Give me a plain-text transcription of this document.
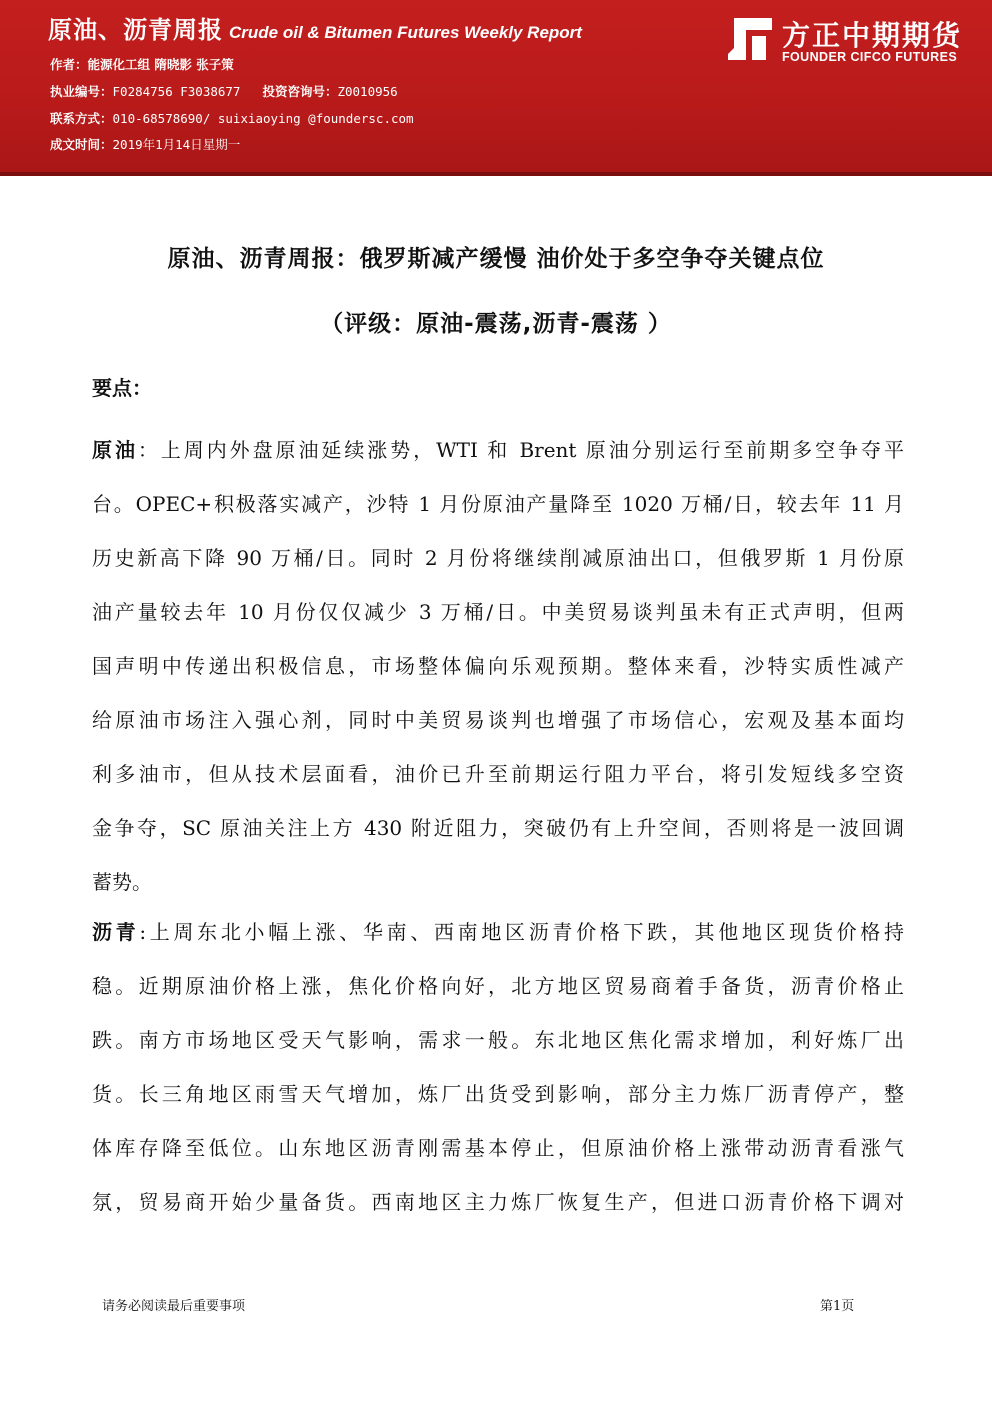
原油、沥青周报 Crude oil & Bitumen Futures Weekly Report
作者：能源化工组 隋晓影 张子策
执业编号：F0284756 F3038677 投资咨询号：Z0010956
联系方式：010-68578690/ suixiaoying @foundersc.com
成文时间：2019年1月14日星期一
方正中期期货
FOUNDER CIFCO FUTURES
原油、沥青周报：俄罗斯减产缓慢 油价处于多空争夺关键点位
（评级：原油-震荡,沥青-震荡 ）
要点：
原油：上周内外盘原油延续涨势，WTI 和 Brent 原油分别运行至前期多空争夺平
台。OPEC+积极落实减产，沙特 1 月份原油产量降至 1020 万桶/日，较去年 11 月
历史新高下降 90 万桶/日。同时 2 月份将继续削减原油出口，但俄罗斯 1 月份原
油产量较去年 10 月份仅仅减少 3 万桶/日。中美贸易谈判虽未有正式声明，但两
国声明中传递出积极信息，市场整体偏向乐观预期。整体来看，沙特实质性减产
给原油市场注入强心剂，同时中美贸易谈判也增强了市场信心，宏观及基本面均
利多油市，但从技术层面看，油价已升至前期运行阻力平台，将引发短线多空资
金争夺，SC 原油关注上方 430 附近阻力，突破仍有上升空间，否则将是一波回调
蓄势。
沥青:上周东北小幅上涨、华南、西南地区沥青价格下跌，其他地区现货价格持
稳。近期原油价格上涨，焦化价格向好，北方地区贸易商着手备货，沥青价格止
跌。南方市场地区受天气影响，需求一般。东北地区焦化需求增加，利好炼厂出
货。长三角地区雨雪天气增加，炼厂出货受到影响，部分主力炼厂沥青停产，整
体库存降至低位。山东地区沥青刚需基本停止，但原油价格上涨带动沥青看涨气
氛，贸易商开始少量备货。西南地区主力炼厂恢复生产，但进口沥青价格下调对
请务必阅读最后重要事项	第1页
